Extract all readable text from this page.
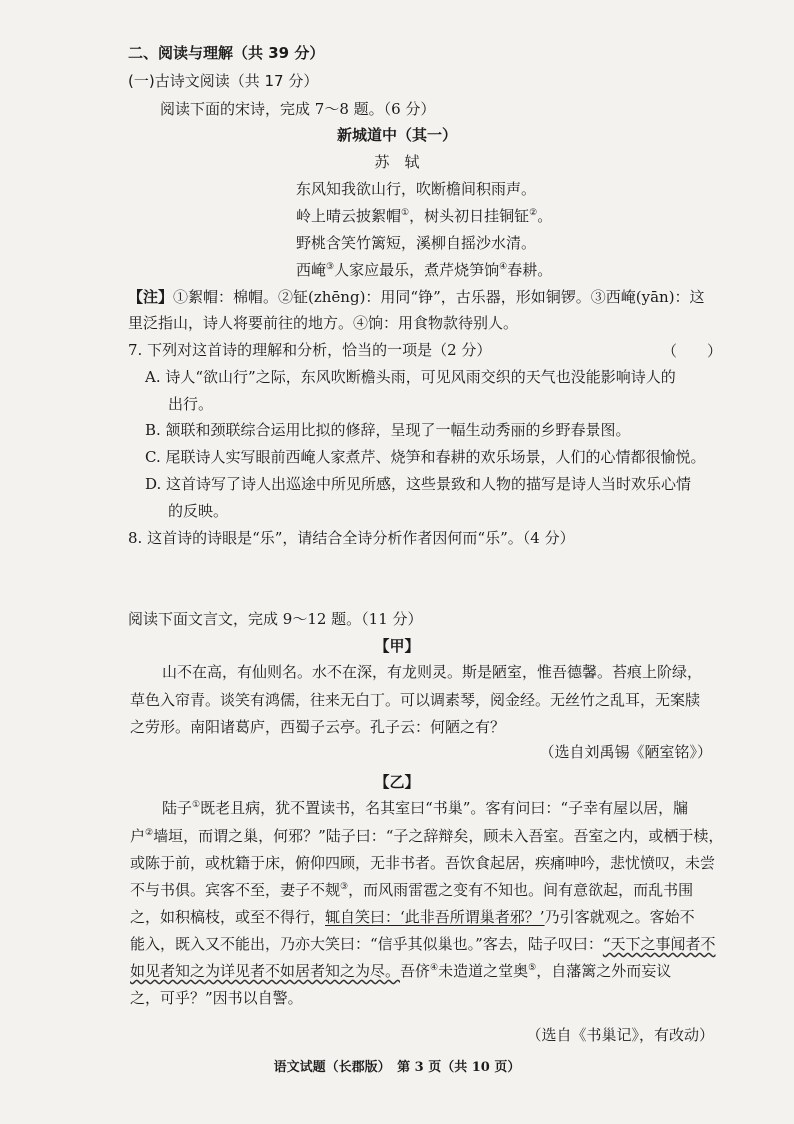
二、阅读与理解（共 39 分）
(一)古诗文阅读（共 17 分）
阅读下面的宋诗，完成 7～8 题。（6 分）
新城道中（其一）
苏　轼
东风知我欲山行，吹断檐间积雨声。
岭上晴云披絮帽①，树头初日挂铜钲②。
野桃含笑竹篱短，溪柳自摇沙水清。
西崦③人家应最乐，煮芹烧笋饷④春耕。
【注】①絮帽：棉帽。②钲(zhēng)：用同“铮”，古乐器，形如铜锣。③西崦(yān)：这
里泛指山，诗人将要前往的地方。④饷：用食物款待别人。
7. 下列对这首诗的理解和分析，恰当的一项是（2 分）	（　　）
A. 诗人“欲山行”之际，东风吹断檐头雨，可见风雨交织的天气也没能影响诗人的
出行。
B. 颔联和颈联综合运用比拟的修辞，呈现了一幅生动秀丽的乡野春景图。
C. 尾联诗人实写眼前西崦人家煮芹、烧笋和春耕的欢乐场景，人们的心情都很愉悦。
D. 这首诗写了诗人出巡途中所见所感，这些景致和人物的描写是诗人当时欢乐心情
的反映。
8. 这首诗的诗眼是“乐”，请结合全诗分析作者因何而“乐”。（4 分）
阅读下面文言文，完成 9～12 题。（11 分）
【甲】
山不在高，有仙则名。水不在深，有龙则灵。斯是陋室，惟吾德馨。苔痕上阶绿，
草色入帘青。谈笑有鸿儒，往来无白丁。可以调素琴，阅金经。无丝竹之乱耳，无案牍
之劳形。南阳诸葛庐，西蜀子云亭。孔子云：何陋之有？
（选自刘禹锡《陋室铭》）
【乙】
陆子①既老且病，犹不置读书，名其室曰“书巢”。客有问曰：“子幸有屋以居，牖
户②墙垣，而谓之巢，何邪？”陆子曰：“子之辞辩矣，顾未入吾室。吾室之内，或栖于椟，
或陈于前，或枕籍于床，俯仰四顾，无非书者。吾饮食起居，疾痛呻吟，悲忧愤叹，未尝
不与书俱。宾客不至，妻子不觌③，而风雨雷雹之变有不知也。间有意欲起，而乱书围
之，如积槁枝，或至不得行，辄自笑曰：‘此非吾所谓巢者邪？’乃引客就观之。客始不
能入，既入又不能出，乃亦大笑曰：“信乎其似巢也。”客去，陆子叹曰：“天下之事闻者不
如见者知之为详见者不如居者知之为尽。吾侪④未造道之堂奥⑤，自藩篱之外而妄议
之，可乎？”因书以自警。
（选自《书巢记》，有改动）
语文试题（长郡版）　第 3 页（共 10 页）
